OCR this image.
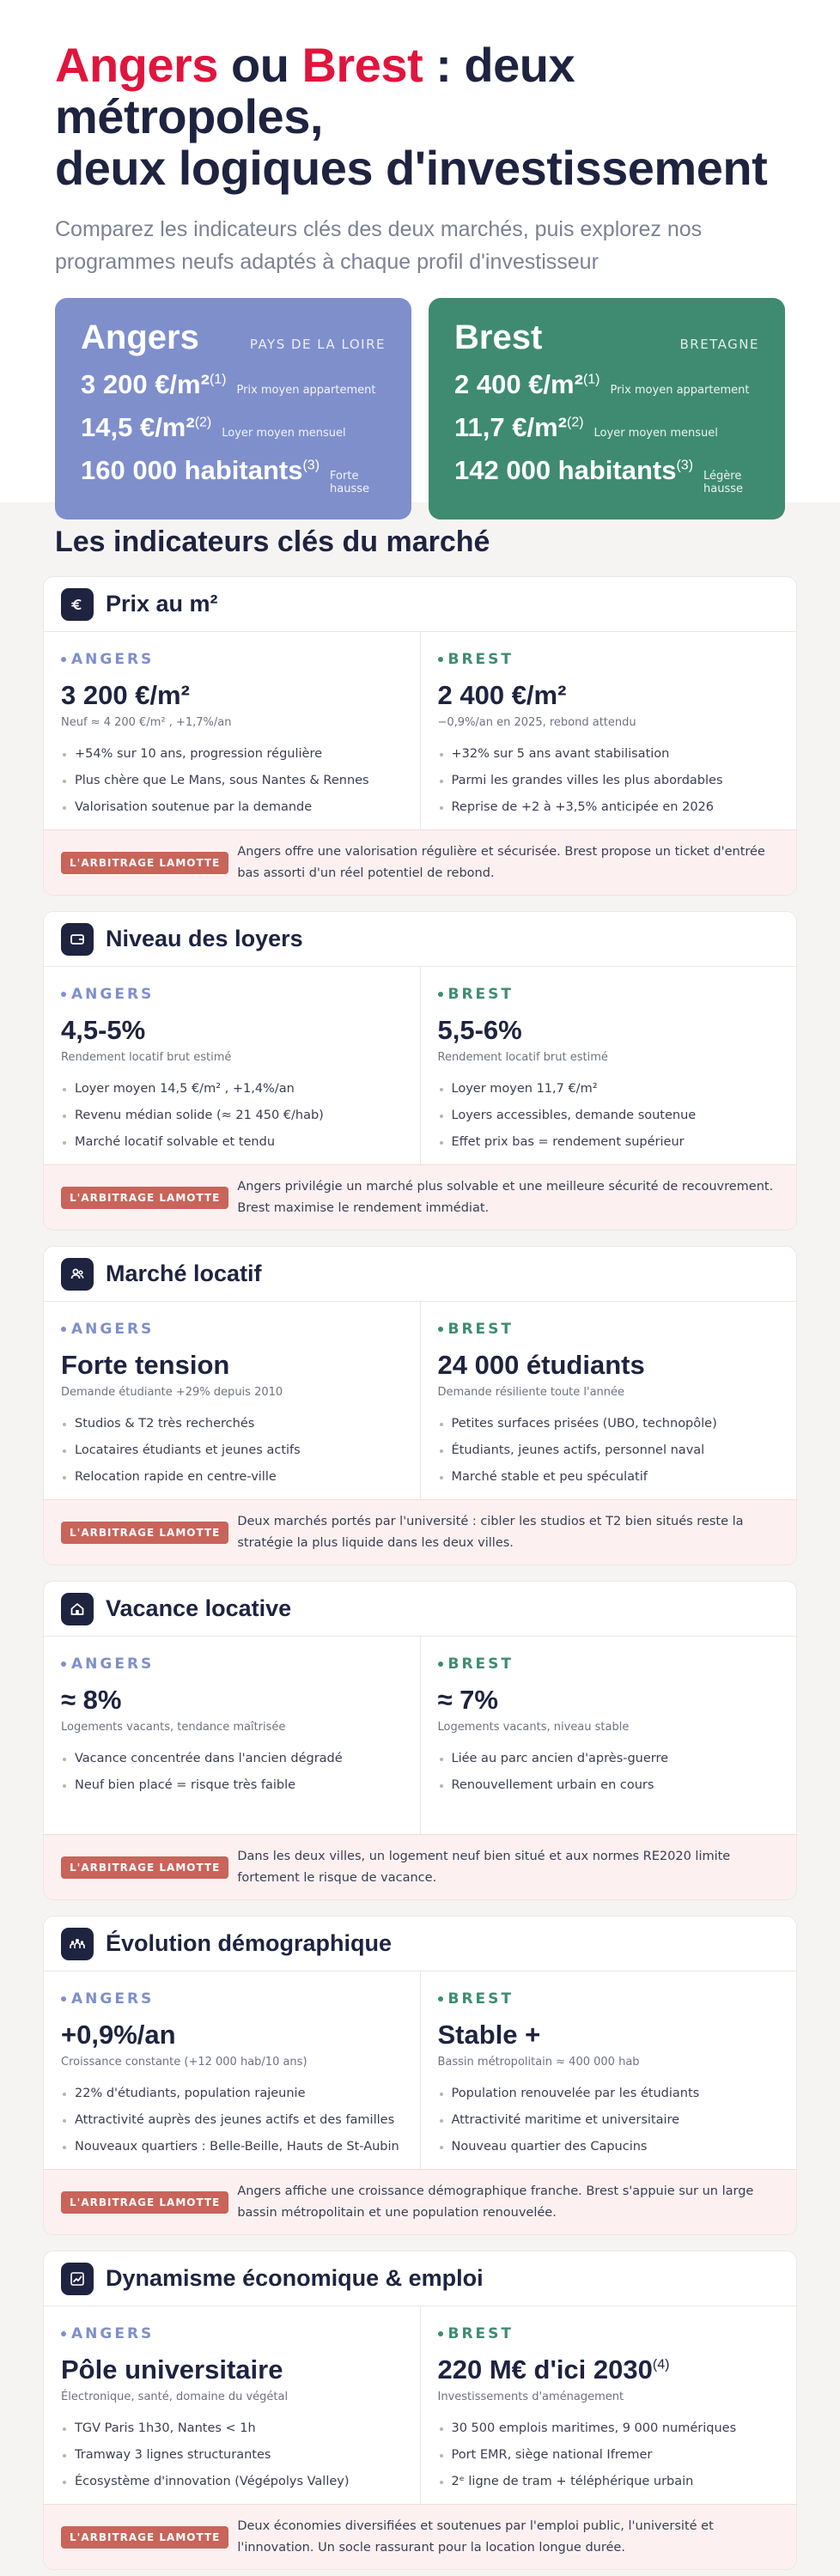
Angers ou Brest : deux métropoles,
deux logiques d'investissement

Comparez les indicateurs clés des deux marchés, puis explorez nos programmes neufs adaptés à chaque profil d'investisseur

Angers	PAYS DE LA LOIRE
3 200 €/m²$^{(1)}$
Prix moyen appartement
14,5 €/m²$^{(2)}$
Loyer moyen mensuel
160 000 habitants$^{(3)}$
Forte hausse
Brest	BRETAGNE
2 400 €/m²$^{(1)}$
Prix moyen appartement
11,7 €/m²$^{(2)}$
Loyer moyen mensuel
142 000 habitants$^{(3)}$
Légère hausse
Les indicateurs clés du marché
Prix au m²
ANGERS
3 200 €/m²
Neuf ≈ 4 200 €/m² , +1,7%/an
+54% sur 10 ans, progression régulière
Plus chère que Le Mans, sous Nantes & Rennes
Valorisation soutenue par la demande
BREST
2 400 €/m²
−0,9%/an en 2025, rebond attendu
+32% sur 5 ans avant stabilisation
Parmi les grandes villes les plus abordables
Reprise de +2 à +3,5% anticipée en 2026
L'ARBITRAGE LAMOTTE
Angers offre une valorisation régulière et sécurisée. Brest propose un ticket d'entrée bas assorti d'un réel potentiel de rebond.
Niveau des loyers
ANGERS
4,5-5%
Rendement locatif brut estimé
Loyer moyen 14,5 €/m² , +1,4%/an
Revenu médian solide (≈ 21 450 €/hab)
Marché locatif solvable et tendu
BREST
5,5-6%
Rendement locatif brut estimé
Loyer moyen 11,7 €/m²
Loyers accessibles, demande soutenue
Effet prix bas = rendement supérieur
L'ARBITRAGE LAMOTTE
Angers privilégie un marché plus solvable et une meilleure sécurité de recouvrement. Brest maximise le rendement immédiat.
Marché locatif
ANGERS
Forte tension
Demande étudiante +29% depuis 2010
Studios & T2 très recherchés
Locataires étudiants et jeunes actifs
Relocation rapide en centre-ville
BREST
24 000 étudiants
Demande résiliente toute l'année
Petites surfaces prisées (UBO, technopôle)
Étudiants, jeunes actifs, personnel naval
Marché stable et peu spéculatif
L'ARBITRAGE LAMOTTE
Deux marchés portés par l'université : cibler les studios et T2 bien situés reste la stratégie la plus liquide dans les deux villes.
Vacance locative
ANGERS
≈ 8%
Logements vacants, tendance maîtrisée
Vacance concentrée dans l'ancien dégradé
Neuf bien placé = risque très faible
BREST
≈ 7%
Logements vacants, niveau stable
Liée au parc ancien d'après-guerre
Renouvellement urbain en cours
L'ARBITRAGE LAMOTTE
Dans les deux villes, un logement neuf bien situé et aux normes RE2020 limite fortement le risque de vacance.
Évolution démographique
ANGERS
+0,9%/an
Croissance constante (+12 000 hab/10 ans)
22% d'étudiants, population rajeunie
Attractivité auprès des jeunes actifs et des familles
Nouveaux quartiers : Belle-Beille, Hauts de St-Aubin
BREST
Stable +
Bassin métropolitain ≈ 400 000 hab
Population renouvelée par les étudiants
Attractivité maritime et universitaire
Nouveau quartier des Capucins
L'ARBITRAGE LAMOTTE
Angers affiche une croissance démographique franche. Brest s'appuie sur un large bassin métropolitain et une population renouvelée.
Dynamisme économique & emploi
ANGERS
Pôle universitaire
Électronique, santé, domaine du végétal
TGV Paris 1h30, Nantes < 1h
Tramway 3 lignes structurantes
Écosystème d'innovation (Végépolys Valley)
BREST
220 M€ d'ici 2030$^{(4)}$
Investissements d'aménagement
30 500 emplois maritimes, 9 000 numériques
Port EMR, siège national Ifremer
2ᵉ ligne de tram + téléphérique urbain
L'ARBITRAGE LAMOTTE
Deux économies diversifiées et soutenues par l'emploi public, l'université et l'innovation. Un socle rassurant pour la location longue durée.
